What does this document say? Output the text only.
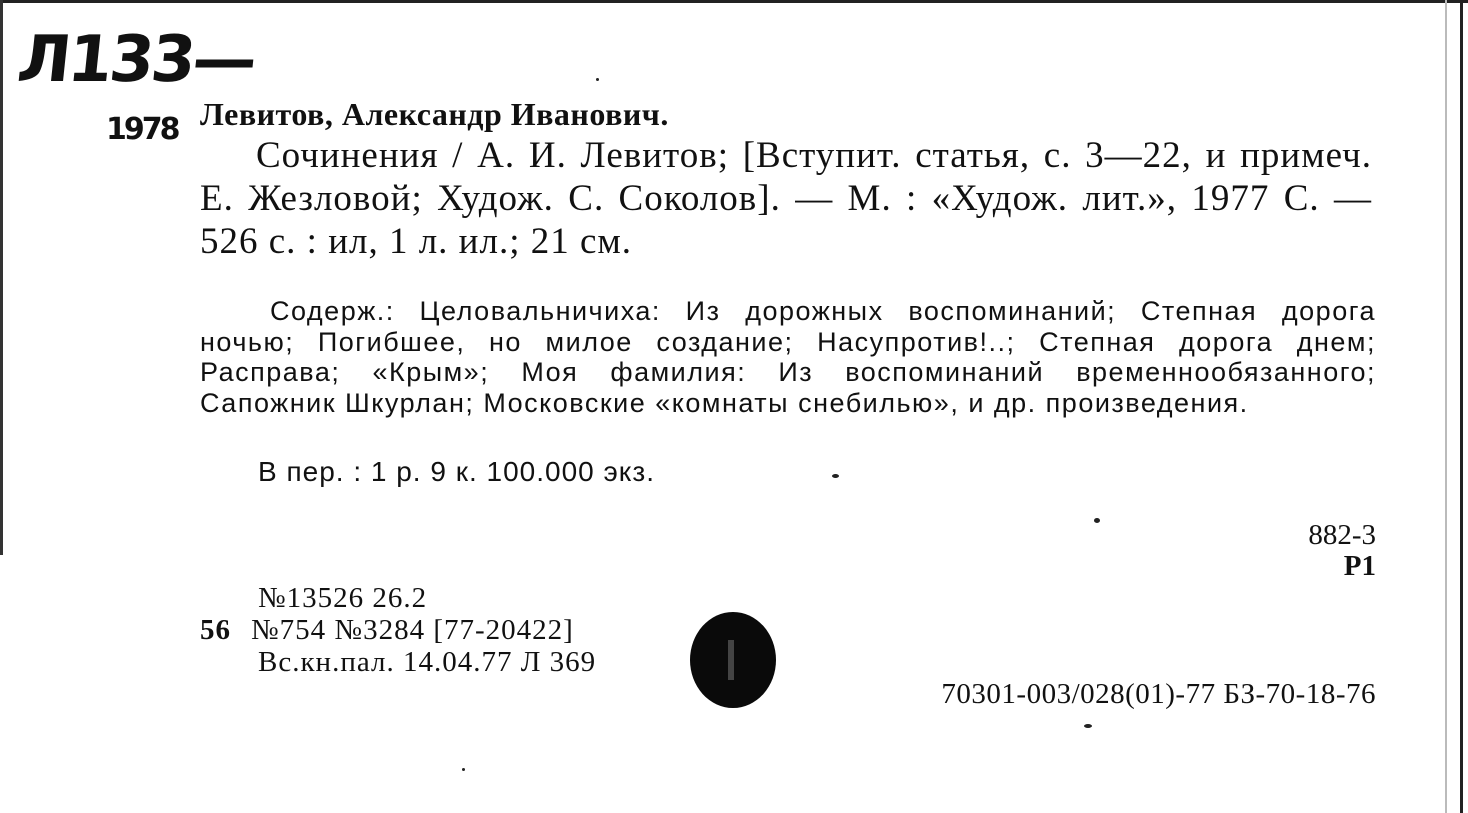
Л133—
1978 Левитов, Александр Иванович.

Сочинения / А. И. Левитов; [Вступит. статья, с. 3—22, и примеч. Е. Жезловой; Худож. С. Соколов]. — М. : «Худож. лит.», 1977 С. — 526 с. : ил, 1 л. ил.; 21 см.

Содерж.: Целовальничиха: Из дорожных воспоминаний; Степная дорога ночью; Погибшее, но милое создание; Насупротив!..; Степная дорога днем; Расправа; «Крым»; Моя фамилия: Из воспоминаний временнообязанного; Сапожник Шкурлан; Московские «комнаты снебилью», и др. произведения.

В пер. : 1 р. 9 к. 100.000 экз.
882-3
P1
№13526 26.2
56 №754 №3284 [77-20422]
Вс.кн.пал. 14.04.77 Л 369
70301-003/028(01)-77 БЗ-70-18-76
